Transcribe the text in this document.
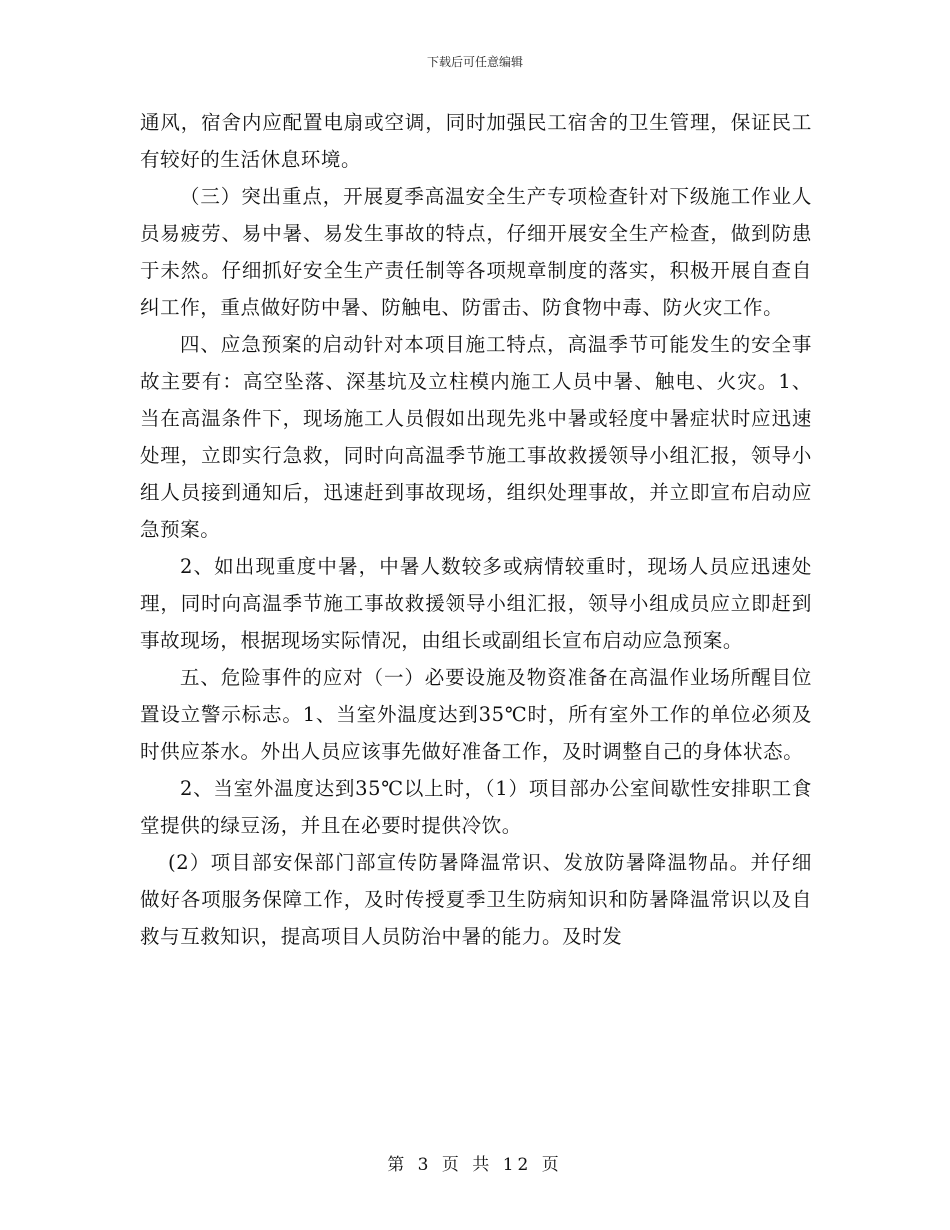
下载后可任意编辑

通风，宿舍内应配置电扇或空调，同时加强民工宿舍的卫生管理，保证民工有较好的生活休息环境。

（三）突出重点，开展夏季高温安全生产专项检查针对下级施工作业人员易疲劳、易中暑、易发生事故的特点，仔细开展安全生产检查，做到防患于未然。仔细抓好安全生产责任制等各项规章制度的落实，积极开展自查自纠工作，重点做好防中暑、防触电、防雷击、防食物中毒、防火灾工作。

四、应急预案的启动针对本项目施工特点，高温季节可能发生的安全事故主要有：高空坠落、深基坑及立柱模内施工人员中暑、触电、火灾。1、当在高温条件下，现场施工人员假如出现先兆中暑或轻度中暑症状时应迅速处理，立即实行急救，同时向高温季节施工事故救援领导小组汇报，领导小组人员接到通知后，迅速赶到事故现场，组织处理事故，并立即宣布启动应急预案。

2、如出现重度中暑，中暑人数较多或病情较重时，现场人员应迅速处理，同时向高温季节施工事故救援领导小组汇报，领导小组成员应立即赶到事故现场，根据现场实际情况，由组长或副组长宣布启动应急预案。

五、危险事件的应对（一）必要设施及物资准备在高温作业场所醒目位置设立警示标志。1、当室外温度达到35℃时，所有室外工作的单位必须及时供应茶水。外出人员应该事先做好准备工作，及时调整自己的身体状态。

2、当室外温度达到35℃以上时，（1）项目部办公室间歇性安排职工食堂提供的绿豆汤，并且在必要时提供冷饮。

(2）项目部安保部门部宣传防暑降温常识、发放防暑降温物品。并仔细做好各项服务保障工作，及时传授夏季卫生防病知识和防暑降温常识以及自救与互救知识，提高项目人员防治中暑的能力。及时发

第 3 页 共 12 页
